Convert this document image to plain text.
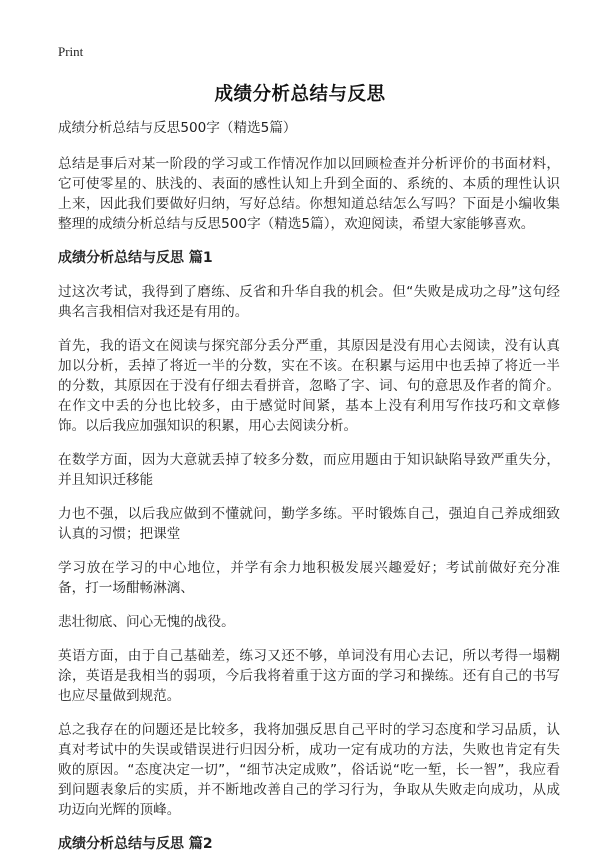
Print
成绩分析总结与反思

成绩分析总结与反思500字（精选5篇）

总结是事后对某一阶段的学习或工作情况作加以回顾检查并分析评价的书面材料，它可使零星的、肤浅的、表面的感性认知上升到全面的、系统的、本质的理性认识上来，因此我们要做好归纳，写好总结。你想知道总结怎么写吗？下面是小编收集整理的成绩分析总结与反思500字（精选5篇），欢迎阅读，希望大家能够喜欢。

成绩分析总结与反思 篇1

过这次考试，我得到了磨练、反省和升华自我的机会。但“失败是成功之母”这句经典名言我相信对我还是有用的。

首先，我的语文在阅读与探究部分丢分严重，其原因是没有用心去阅读，没有认真加以分析，丢掉了将近一半的分数，实在不该。在积累与运用中也丢掉了将近一半的分数，其原因在于没有仔细去看拼音，忽略了字、词、句的意思及作者的简介。在作文中丢的分也比较多，由于感觉时间紧，基本上没有利用写作技巧和文章修饰。以后我应加强知识的积累，用心去阅读分析。

在数学方面，因为大意就丢掉了较多分数，而应用题由于知识缺陷导致严重失分，并且知识迁移能

力也不强，以后我应做到不懂就问，勤学多练。平时锻炼自己，强迫自己养成细致认真的习惯；把课堂

学习放在学习的中心地位，并学有余力地积极发展兴趣爱好；考试前做好充分准备，打一场酣畅淋漓、

悲壮彻底、问心无愧的战役。

英语方面，由于自己基础差，练习又还不够，单词没有用心去记，所以考得一塌糊涂，英语是我相当的弱项，今后我将着重于这方面的学习和操练。还有自己的书写也应尽量做到规范。

总之我存在的问题还是比较多，我将加强反思自己平时的学习态度和学习品质，认真对考试中的失误或错误进行归因分析，成功一定有成功的方法，失败也肯定有失败的原因。“态度决定一切”，“细节决定成败”，俗话说“吃一堑，长一智”，我应看到问题表象后的实质，并不断地改善自己的学习行为，争取从失败走向成功，从成功迈向光辉的顶峰。

成绩分析总结与反思 篇2
